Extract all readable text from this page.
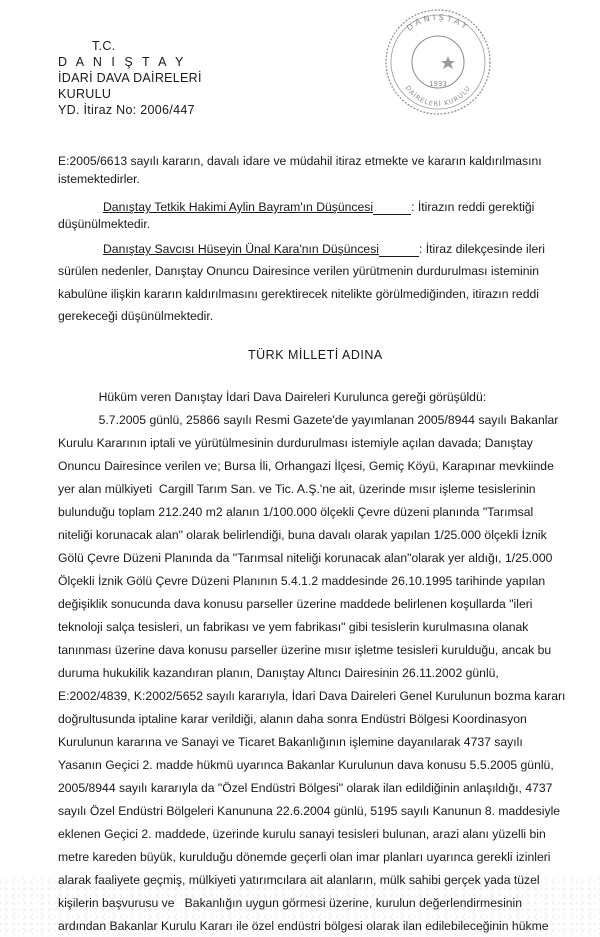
T.C.
D A N I Ş T A Y
İDARİ DAVA DAİRELERİ
KURULU
YD. İtiraz No: 2006/447
DANIŞTAY
DAİRELERİ KURULU
1933
E:2005/6613 sayılı kararın, davalı idare ve müdahil itiraz etmekte ve kararın kaldırılmasını
istemektedirler.
Danıştay Tetkik Hakimi Aylin Bayram'ın Düşüncesi	: İtirazın reddi gerektiği
düşünülmektedir.
Danıştay Savcısı Hüseyin Ünal Kara'nın Düşüncesi	: İtiraz dilekçesinde ileri
sürülen nedenler, Danıştay Onuncu Dairesince verilen yürütmenin durdurulması isteminin
kabulüne ilişkin kararın kaldırılmasını gerektirecek nitelikte görülmediğinden, itirazın reddi
gerekeceği düşünülmektedir.
TÜRK MİLLETİ ADINA
Hüküm veren Danıştay İdari Dava Daireleri Kurulunca gereği görüşüldü:
5.7.2005 günlü, 25866 sayılı Resmi Gazete'de yayımlanan 2005/8944 sayılı Bakanlar
Kurulu Kararının iptali ve yürütülmesinin durdurulması istemiyle açılan davada; Danıştay
Onuncu Dairesince verilen ve; Bursa İli, Orhangazi İlçesi, Gemiç Köyü, Karapınar mevkiinde
yer alan mülkiyeti  Cargill Tarım San. ve Tic. A.Ş.'ne ait, üzerinde mısır işleme tesislerinin
bulunduğu toplam 212.240 m2 alanın 1/100.000 ölçekli Çevre düzeni planında "Tarımsal
niteliği korunacak alan" olarak belirlendiği, buna davalı olarak yapılan 1/25.000 ölçekli İznik
Gölü Çevre Düzeni Planında da "Tarımsal niteliği korunacak alan"olarak yer aldığı, 1/25.000
Ölçekli İznik Gölü Çevre Düzeni Planının 5.4.1.2 maddesinde 26.10.1995 tarihinde yapılan
değişiklik sonucunda dava konusu parseller üzerine maddede belirlenen koşullarda "ileri
teknoloji salça tesisleri, un fabrikası ve yem fabrikası" gibi tesislerin kurulmasına olanak
tanınması üzerine dava konusu parseller üzerine mısır işletme tesisleri kurulduğu, ancak bu
duruma hukukilik kazandıran planın, Danıştay Altıncı Dairesinin 26.11.2002 günlü,
E:2002/4839, K:2002/5652 sayılı kararıyla, İdari Dava Daireleri Genel Kurulunun bozma kararı
doğrultusunda iptaline karar verildiği, alanın daha sonra Endüstri Bölgesi Koordinasyon
Kurulunun kararına ve Sanayi ve Ticaret Bakanlığının işlemine dayanılarak 4737 sayılı
Yasanın Geçici 2. madde hükmü uyarınca Bakanlar Kurulunun dava konusu 5.5.2005 günlü,
2005/8944 sayılı kararıyla da "Özel Endüstri Bölgesi" olarak ilan edildiğinin anlaşıldığı, 4737
sayılı Özel Endüstri Bölgeleri Kanununa 22.6.2004 günlü, 5195 sayılı Kanunun 8. maddesiyle
eklenen Geçici 2. maddede, üzerinde kurulu sanayi tesisleri bulunan, arazi alanı yüzelli bin
metre kareden büyük, kurulduğu dönemde geçerli olan imar planları uyarınca gerekli izinleri
alarak faaliyete geçmiş, mülkiyeti yatırımcılara ait alanların, mülk sahibi gerçek yada tüzel
kişilerin başvurusu ve   Bakanlığın uygun görmesi üzerine, kurulun değerlendirmesinin
ardından Bakanlar Kurulu Kararı ile özel endüstri bölgesi olarak ilan edilebileceğinin hükme
